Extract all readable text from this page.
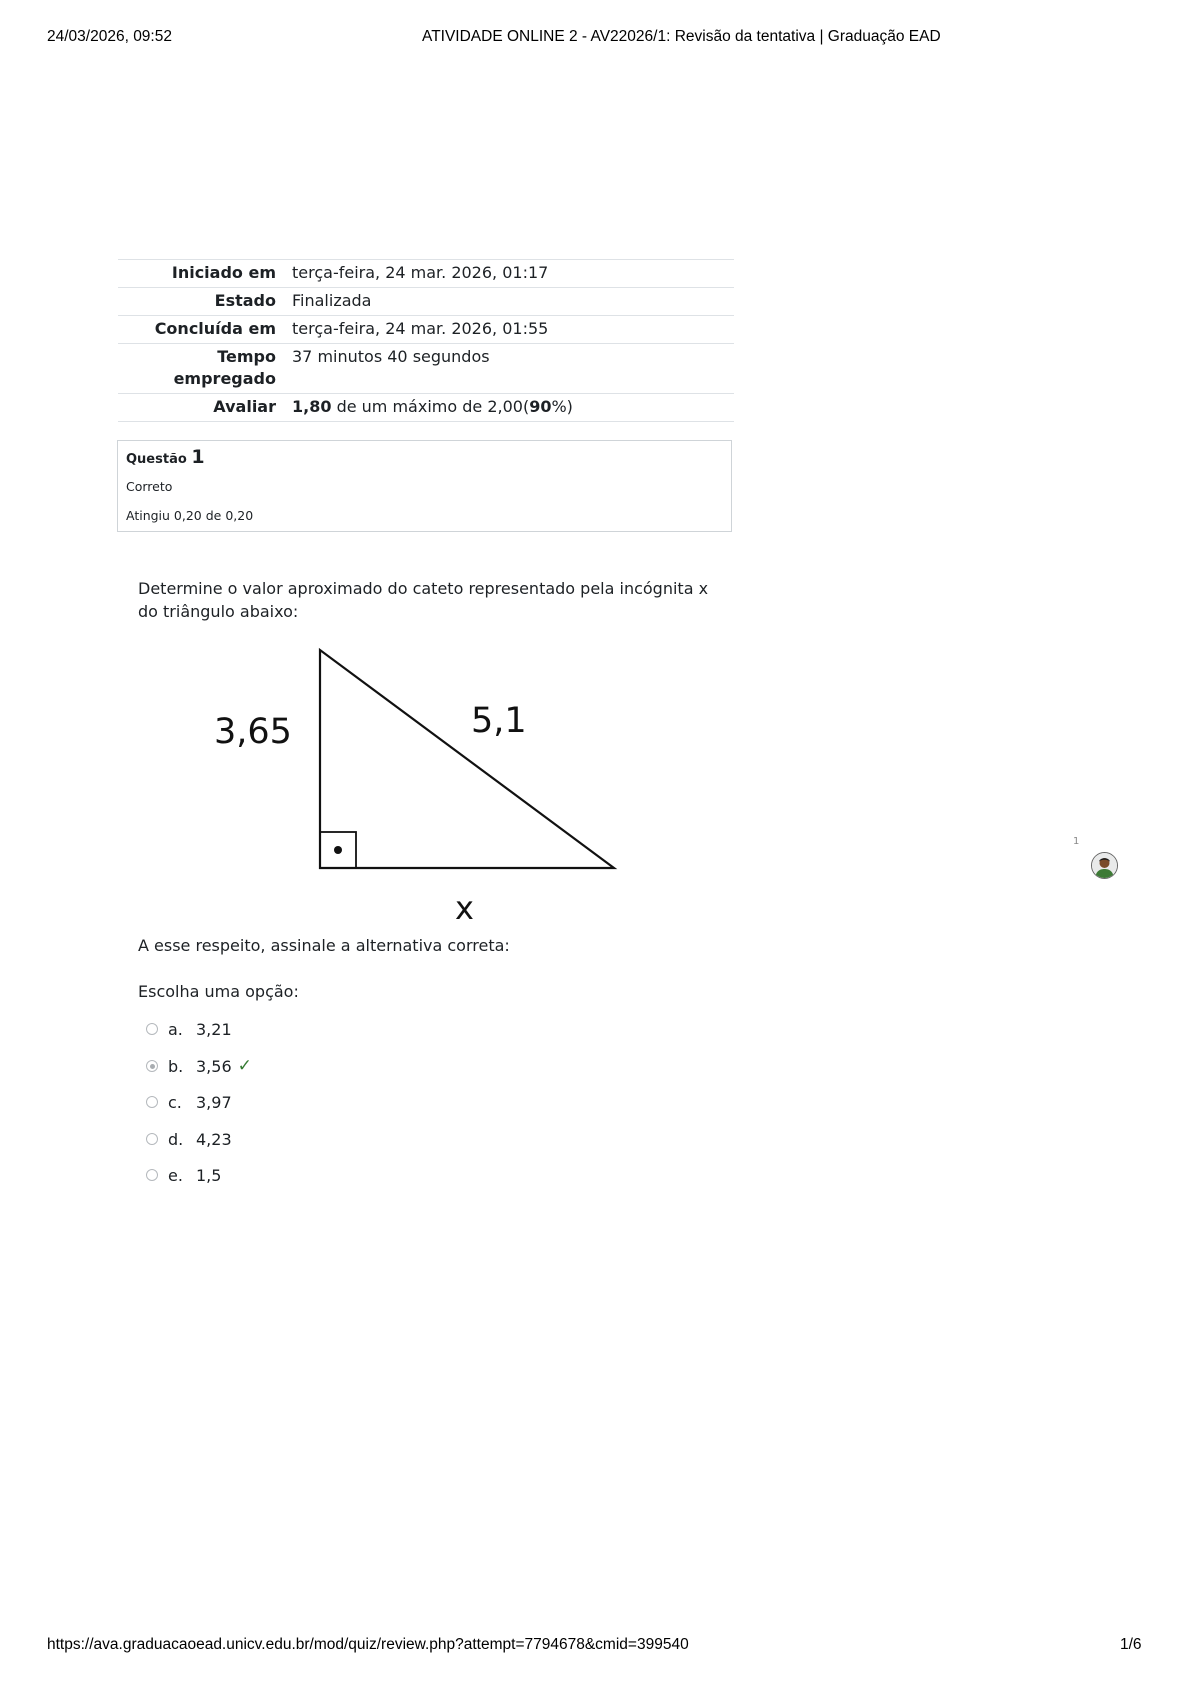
24/03/2026, 09:52	ATIVIDADE ONLINE 2 - AV22026/1: Revisão da tentativa | Graduação EAD
Iniciado em	terça-feira, 24 mar. 2026, 01:17
Estado	Finalizada
Concluída em	terça-feira, 24 mar. 2026, 01:55
Tempo
empregado	37 minutos 40 segundos
Avaliar	1,80 de um máximo de 2,00(90%)
Questão 1
Correto
Atingiu 0,20 de 0,20
Determine o valor aproximado do cateto representado pela incógnita x do triângulo abaixo:
3,65	5,1
x
A esse respeito, assinale a alternativa correta:
Escolha uma opção:
a. 3,21
b. 3,56 ✓
c. 3,97
d. 4,23
e. 1,5
1
https://ava.graduacaoead.unicv.edu.br/mod/quiz/review.php?attempt=7794678&cmid=399540	1/6
